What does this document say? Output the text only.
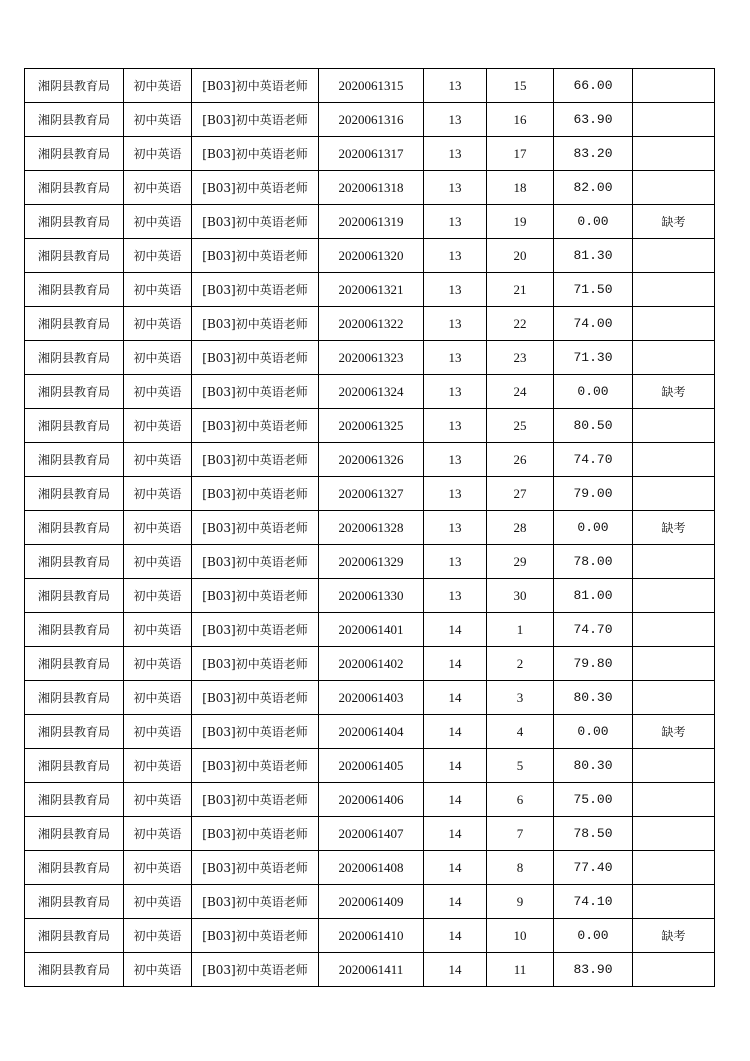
湘阴县教育局	初中英语	[B03]初中英语老师	2020061315	13	15	66.00	
湘阴县教育局	初中英语	[B03]初中英语老师	2020061316	13	16	63.90	
湘阴县教育局	初中英语	[B03]初中英语老师	2020061317	13	17	83.20	
湘阴县教育局	初中英语	[B03]初中英语老师	2020061318	13	18	82.00	
湘阴县教育局	初中英语	[B03]初中英语老师	2020061319	13	19	0.00	缺考
湘阴县教育局	初中英语	[B03]初中英语老师	2020061320	13	20	81.30	
湘阴县教育局	初中英语	[B03]初中英语老师	2020061321	13	21	71.50	
湘阴县教育局	初中英语	[B03]初中英语老师	2020061322	13	22	74.00	
湘阴县教育局	初中英语	[B03]初中英语老师	2020061323	13	23	71.30	
湘阴县教育局	初中英语	[B03]初中英语老师	2020061324	13	24	0.00	缺考
湘阴县教育局	初中英语	[B03]初中英语老师	2020061325	13	25	80.50	
湘阴县教育局	初中英语	[B03]初中英语老师	2020061326	13	26	74.70	
湘阴县教育局	初中英语	[B03]初中英语老师	2020061327	13	27	79.00	
湘阴县教育局	初中英语	[B03]初中英语老师	2020061328	13	28	0.00	缺考
湘阴县教育局	初中英语	[B03]初中英语老师	2020061329	13	29	78.00	
湘阴县教育局	初中英语	[B03]初中英语老师	2020061330	13	30	81.00	
湘阴县教育局	初中英语	[B03]初中英语老师	2020061401	14	1	74.70	
湘阴县教育局	初中英语	[B03]初中英语老师	2020061402	14	2	79.80	
湘阴县教育局	初中英语	[B03]初中英语老师	2020061403	14	3	80.30	
湘阴县教育局	初中英语	[B03]初中英语老师	2020061404	14	4	0.00	缺考
湘阴县教育局	初中英语	[B03]初中英语老师	2020061405	14	5	80.30	
湘阴县教育局	初中英语	[B03]初中英语老师	2020061406	14	6	75.00	
湘阴县教育局	初中英语	[B03]初中英语老师	2020061407	14	7	78.50	
湘阴县教育局	初中英语	[B03]初中英语老师	2020061408	14	8	77.40	
湘阴县教育局	初中英语	[B03]初中英语老师	2020061409	14	9	74.10	
湘阴县教育局	初中英语	[B03]初中英语老师	2020061410	14	10	0.00	缺考
湘阴县教育局	初中英语	[B03]初中英语老师	2020061411	14	11	83.90	
